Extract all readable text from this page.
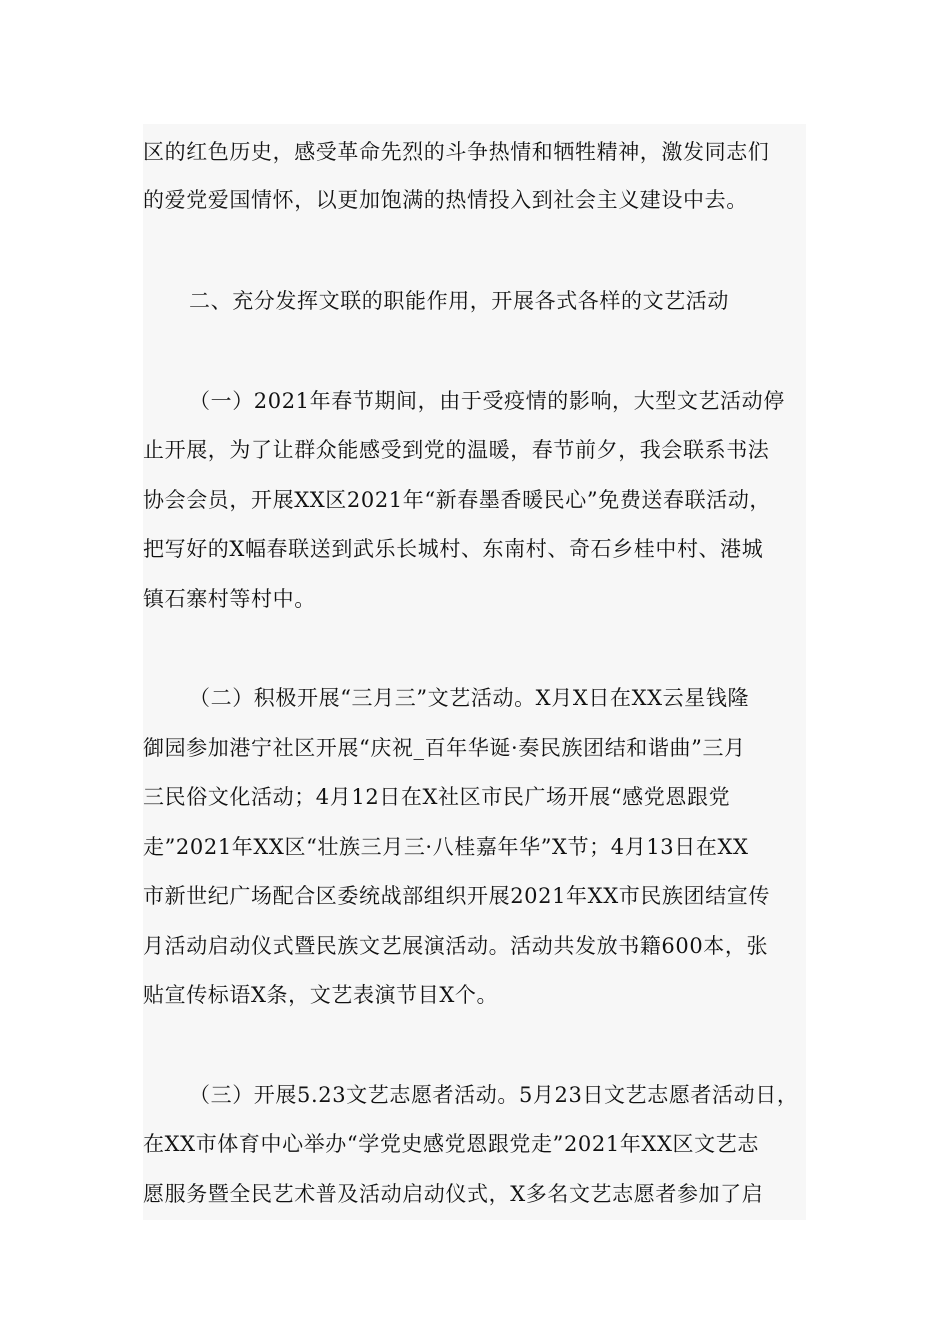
区的红色历史，感受革命先烈的斗争热情和牺牲精神，激发同志们
的爱党爱国情怀，以更加饱满的热情投入到社会主义建设中去。
二、充分发挥文联的职能作用，开展各式各样的文艺活动
（一）2021年春节期间，由于受疫情的影响，大型文艺活动停
止开展，为了让群众能感受到党的温暖，春节前夕，我会联系书法
协会会员，开展XX区2021年“新春墨香暖民心”免费送春联活动，
把写好的X幅春联送到武乐长城村、东南村、奇石乡桂中村、港城
镇石寨村等村中。
（二）积极开展“三月三”文艺活动。X月X日在XX云星钱隆
御园参加港宁社区开展“庆祝_百年华诞·奏民族团结和谐曲”三月
三民俗文化活动；4月12日在X社区市民广场开展“感党恩跟党
走”2021年XX区“壮族三月三·八桂嘉年华”X节；4月13日在XX
市新世纪广场配合区委统战部组织开展2021年XX市民族团结宣传
月活动启动仪式暨民族文艺展演活动。活动共发放书籍600本，张
贴宣传标语X条，文艺表演节目X个。
（三）开展5.23文艺志愿者活动。5月23日文艺志愿者活动日，
在XX市体育中心举办“学党史感党恩跟党走”2021年XX区文艺志
愿服务暨全民艺术普及活动启动仪式，X多名文艺志愿者参加了启
